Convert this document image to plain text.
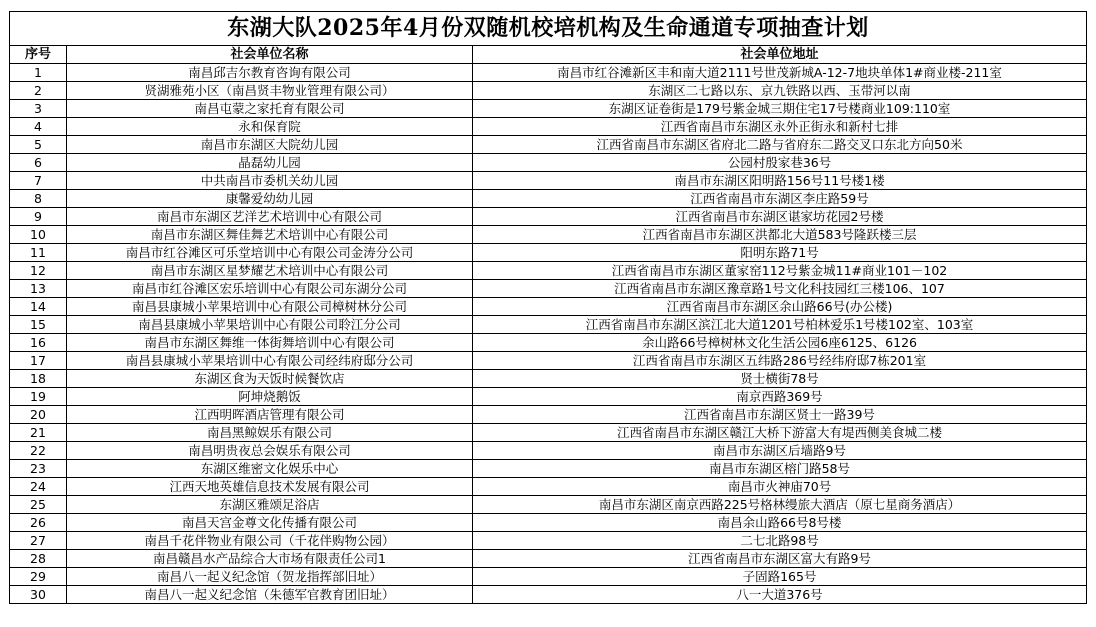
东湖大队2025年4月份双随机校培机构及生命通道专项抽查计划		
序号	社会单位名称	社会单位地址
1	南昌邱吉尔教育咨询有限公司	南昌市红谷滩新区丰和南大道2111号世茂新城A-12-7地块单体1#商业楼-211室
2	贤湖雅苑小区（南昌贤丰物业管理有限公司）	东湖区二七路以东、京九铁路以西、玉带河以南
3	南昌屯蒙之家托育有限公司	东湖区证卷街是179号紫金城三期住宅17号楼商业109:110室
4	永和保育院	江西省南昌市东湖区永外正街永和新村七排
5	南昌市东湖区大院幼儿园	江西省南昌市东湖区省府北二路与省府东二路交叉口东北方向50米
6	晶磊幼儿园	公园村殷家巷36号
7	中共南昌市委机关幼儿园	南昌市东湖区阳明路156号11号楼1楼
8	康馨爱幼幼儿园	江西省南昌市东湖区李庄路59号
9	南昌市东湖区艺洋艺术培训中心有限公司	江西省南昌市东湖区谌家坊花园2号楼
10	南昌市东湖区舞佳舞艺术培训中心有限公司	江西省南昌市东湖区洪都北大道583号隆跃楼三层
11	南昌市红谷滩区可乐堂培训中心有限公司金涛分公司	阳明东路71号
12	南昌市东湖区星梦耀艺术培训中心有限公司	江西省南昌市东湖区董家窑112号紫金城11#商业101－102
13	南昌市红谷滩区宏乐培训中心有限公司东湖分公司	江西省南昌市东湖区豫章路1号文化科技园红三楼106、107
14	南昌县康城小苹果培训中心有限公司樟树林分公司	江西省南昌市东湖区余山路66号(办公楼)
15	南昌县康城小苹果培训中心有限公司聆江分公司	江西省南昌市东湖区滨江北大道1201号柏林爱乐1号楼102室、103室
16	南昌市东湖区舞维一体街舞培训中心有限公司	余山路66号樟树林文化生活公园6座6125、6126
17	南昌县康城小苹果培训中心有限公司经纬府邸分公司	江西省南昌市东湖区五纬路286号经纬府邸7栋201室
18	东湖区食为天饭时候餐饮店	贤士横街78号
19	阿坤烧鹅饭	南京西路369号
20	江西明晖酒店管理有限公司	江西省南昌市东湖区贤士一路39号
21	南昌黑鲸娱乐有限公司	江西省南昌市东湖区赣江大桥下游富大有堤西侧美食城二楼
22	南昌明贵夜总会娱乐有限公司	南昌市东湖区后墙路9号
23	东湖区维密文化娱乐中心	南昌市东湖区榕门路58号
24	江西天地英雄信息技术发展有限公司	南昌市火神庙70号
25	东湖区雅颂足浴店	南昌市东湖区南京西路225号格林缦旅大酒店（原七星商务酒店）
26	南昌天宫金尊文化传播有限公司	南昌余山路66号8号楼
27	南昌千花伴物业有限公司（千花伴购物公园）	二七北路98号
28	南昌赣昌水产品综合大市场有限责任公司1	江西省南昌市东湖区富大有路9号
29	南昌八一起义纪念馆（贺龙指挥部旧址）	子固路165号
30	南昌八一起义纪念馆（朱德军官教育团旧址）	八一大道376号
